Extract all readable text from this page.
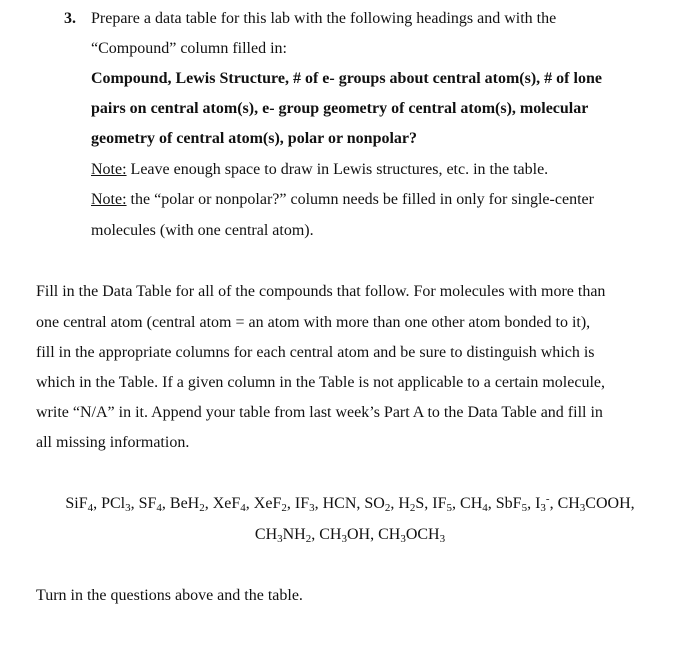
3. Prepare a data table for this lab with the following headings and with the
“Compound” column filled in:
Compound, Lewis Structure, # of e- groups about central atom(s), # of lone
pairs on central atom(s), e- group geometry of central atom(s), molecular
geometry of central atom(s), polar or nonpolar?
Note: Leave enough space to draw in Lewis structures, etc. in the table.
Note: the “polar or nonpolar?” column needs be filled in only for single-center
molecules (with one central atom).
Fill in the Data Table for all of the compounds that follow. For molecules with more than
one central atom (central atom = an atom with more than one other atom bonded to it),
fill in the appropriate columns for each central atom and be sure to distinguish which is
which in the Table. If a given column in the Table is not applicable to a certain molecule,
write “N/A” in it. Append your table from last week’s Part A to the Data Table and fill in
all missing information.
SiF$_4$, PCl$_3$, $SF_4$, BeH$_2$, XeF$_4$, XeF$_2$, $IF_3$, HCN, $SO_2$, $H_2S$, $IF_5$, $CH_4$, SbF$_5$, $I_3^-$, $CH_3COOH$,
$CH_3NH_2$, $CH_3OH$, $CH_3OCH_3$
Turn in the questions above and the table.
